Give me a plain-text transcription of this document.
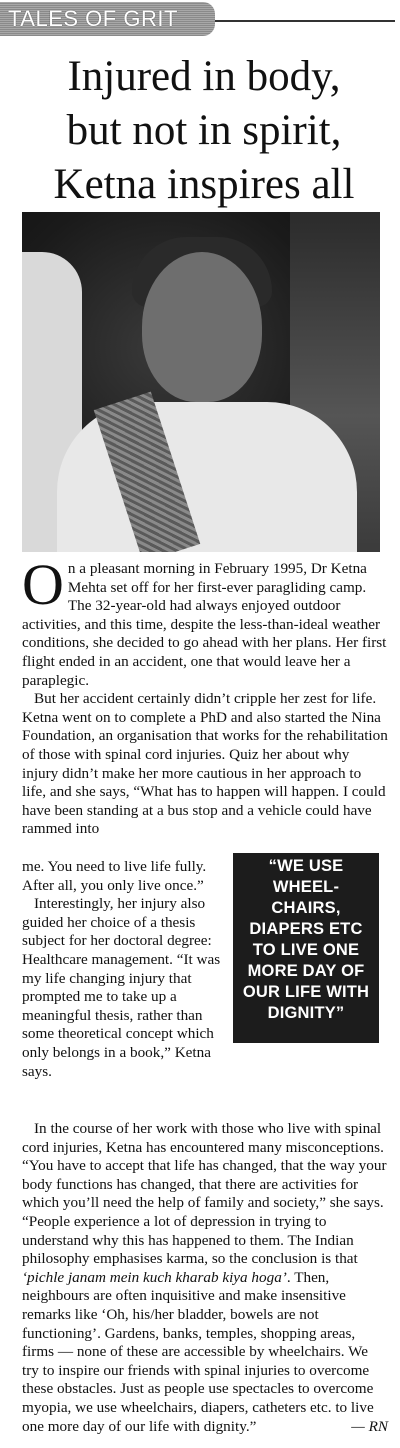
TALES OF GRIT
Injured in body,
but not in spirit,
Ketna inspires all

On a pleasant morning in February 1995, Dr Ketna Mehta set off for her first-ever paragliding camp. The 32-year-old had always enjoyed outdoor activities, and this time, despite the less-than-ideal weather conditions, she decided to go ahead with her plans. Her first flight ended in an accident, one that would leave her a paraplegic.

But her accident certainly didn’t cripple her zest for life. Ketna went on to complete a PhD and also started the Nina Foundation, an organisation that works for the rehabilitation of those with spinal cord injuries. Quiz her about why injury didn’t make her more cautious in her approach to life, and she says, “What has to happen will happen. I could have been standing at a bus stop and a vehicle could have rammed into

me. You need to live life fully. After all, you only live once.”

Interestingly, her injury also guided her choice of a thesis subject for her doctoral degree: Healthcare management. “It was my life changing injury that prompted me to take up a meaningful thesis, rather than some theoretical concept which only belongs in a book,” Ketna says.

“WE USE
WHEEL-
CHAIRS,
DIAPERS ETC
TO LIVE ONE
MORE DAY OF
OUR LIFE WITH
DIGNITY”

In the course of her work with those who live with spinal cord injuries, Ketna has encountered many misconceptions. “You have to accept that life has changed, that the way your body functions has changed, that there are activities for which you’ll need the help of family and society,” she says. “People experience a lot of depression in trying to understand why this has happened to them. The Indian philosophy emphasises karma, so the conclusion is that ‘pichle janam mein kuch kharab kiya hoga’. Then, neighbours are often inquisitive and make insensitive remarks like ‘Oh, his/her bladder, bowels are not functioning’. Gardens, banks, temples, shopping areas, firms — none of these are accessible by wheelchairs. We try to inspire our friends with spinal injuries to overcome these obstacles. Just as people use spectacles to overcome myopia, we use wheelchairs, diapers, catheters etc. to live one more day of our life with dignity.”	— RN
